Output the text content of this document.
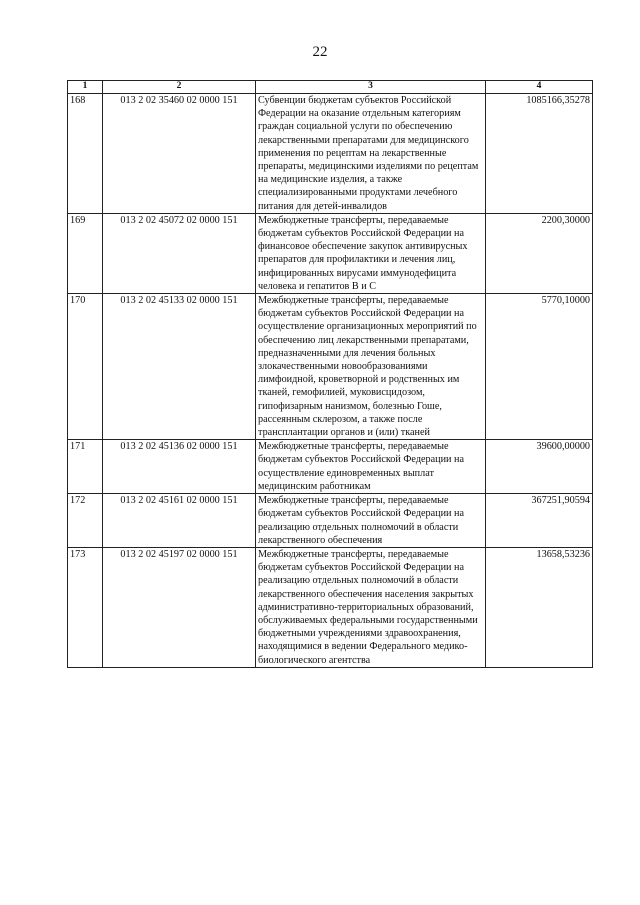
22
1	2	3	4
168	013 2 02 35460 02 0000 151	Субвенции бюджетам субъектов Российской Федерации на оказание отдельным категориям граждан социальной услуги по обеспечению лекарственными препаратами для медицинского применения по рецептам на лекарственные препараты, медицинскими изделиями по рецептам на медицинские изделия, а также специализированными продуктами лечебного питания для детей-инвалидов	1085166,35278
169	013 2 02 45072 02 0000 151	Межбюджетные трансферты, передаваемые бюджетам субъектов Российской Федерации на финансовое обеспечение закупок антивирусных препаратов для профилактики и лечения лиц, инфицированных вирусами иммунодефицита человека и гепатитов В и С	2200,30000
170	013 2 02 45133 02 0000 151	Межбюджетные трансферты, передаваемые бюджетам субъектов Российской Федерации на осуществление организационных мероприятий по обеспечению лиц лекарственными препаратами, предназначенными для лечения больных злокачественными новообразованиями лимфоидной, кроветворной и родственных им тканей, гемофилией, муковисцидозом, гипофизарным нанизмом, болезнью Гоше, рассеянным склерозом, а также после трансплантации органов и (или) тканей	5770,10000
171	013 2 02 45136 02 0000 151	Межбюджетные трансферты, передаваемые бюджетам субъектов Российской Федерации на осуществление единовременных выплат медицинским работникам	39600,00000
172	013 2 02 45161 02 0000 151	Межбюджетные трансферты, передаваемые бюджетам субъектов Российской Федерации на реализацию отдельных полномочий в области лекарственного обеспечения	367251,90594
173	013 2 02 45197 02 0000 151	Межбюджетные трансферты, передаваемые бюджетам субъектов Российской Федерации на реализацию отдельных полномочий в области лекарственного обеспечения населения закрытых административно-территориальных образований, обслуживаемых федеральными государственными бюджетными учреждениями здравоохранения, находящимися в ведении Федерального медико-биологического агентства	13658,53236
